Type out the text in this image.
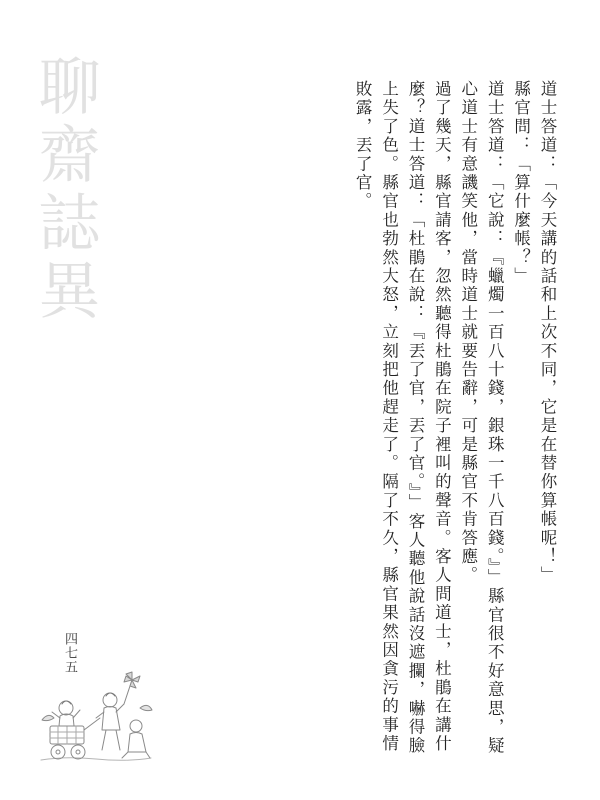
聊齋誌異	道士答道：「今天講的話和上次不同，它是在替你算帳呢！」

縣官問：「算什麼帳？」

道士答道：「它說：『蠟燭一百八十錢，銀珠一千八百錢。』」縣官很不好意思，疑心道士有意譏笑他，當時道士就要告辭，可是縣官不肯答應。

過了幾天，縣官請客，忽然聽得杜鵑在院子裡叫的聲音。客人問道士，杜鵑在講什麼？道士答道：「杜鵑在說：『丟了官，丟了官。』」客人聽他說話沒遮攔，嚇得臉上失了色。縣官也勃然大怒，立刻把他趕走了。隔了不久，縣官果然因貪污的事情敗露，丟了官。

四七五
